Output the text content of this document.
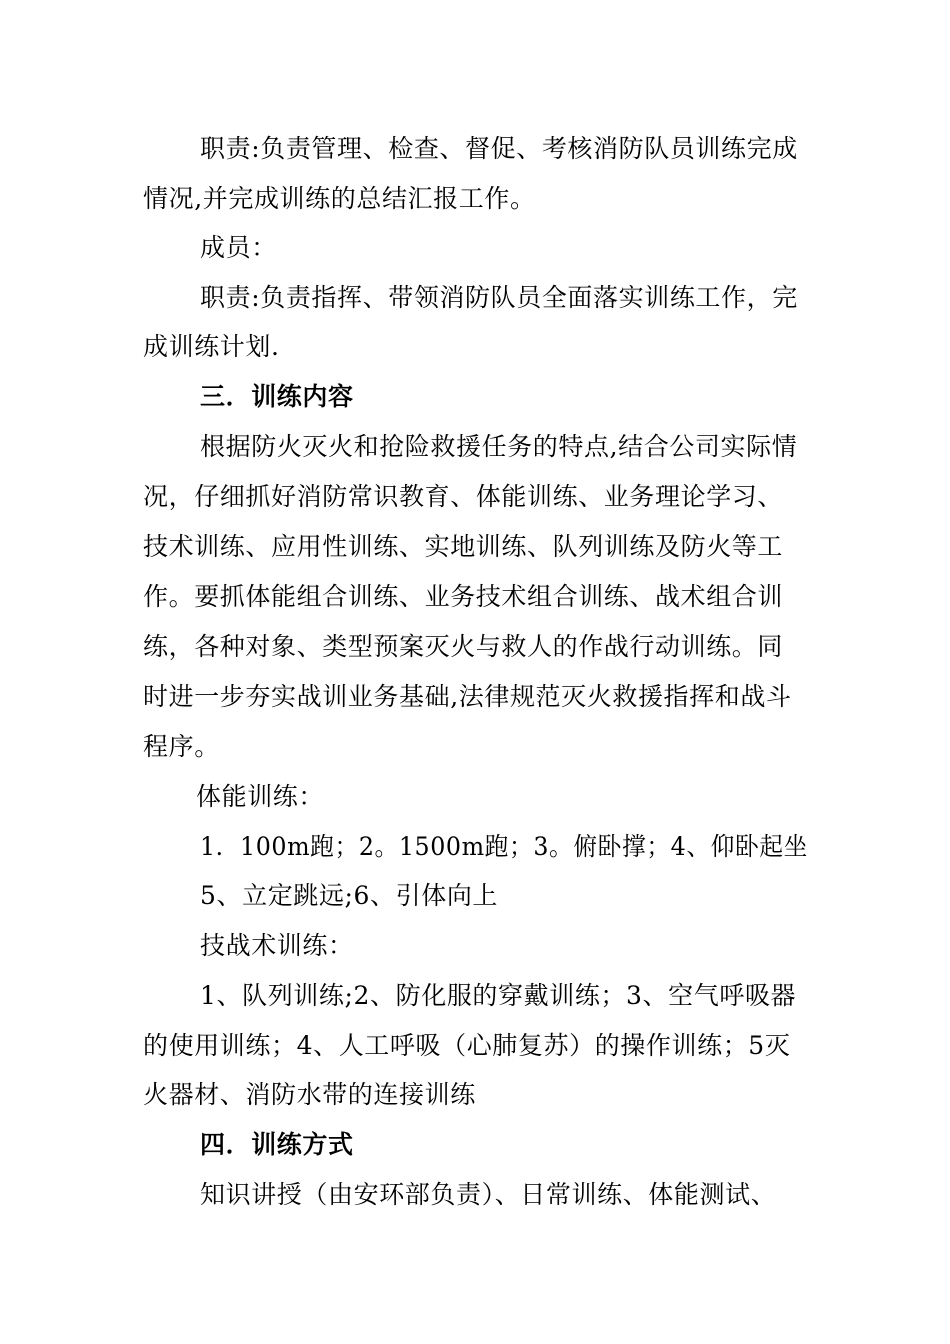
职责:负责管理、检查、督促、考核消防队员训练完成
情况,并完成训练的总结汇报工作。
成员：
职责:负责指挥、带领消防队员全面落实训练工作，完
成训练计划.
三．训练内容
根据防火灭火和抢险救援任务的特点,结合公司实际情
况，仔细抓好消防常识教育、体能训练、业务理论学习、
技术训练、应用性训练、实地训练、队列训练及防火等工
作。要抓体能组合训练、业务技术组合训练、战术组合训
练，各种对象、类型预案灭火与救人的作战行动训练。同
时进一步夯实战训业务基础,法律规范灭火救援指挥和战斗
程序。
体能训练：
1．100m跑；2。1500m跑；3。俯卧撑；4、仰卧起坐
5、立定跳远;6、引体向上
技战术训练：
1、队列训练;2、防化服的穿戴训练；3、空气呼吸器
的使用训练；4、人工呼吸（心肺复苏）的操作训练；5灭
火器材、消防水带的连接训练
四．训练方式
知识讲授（由安环部负责）、日常训练、体能测试、
